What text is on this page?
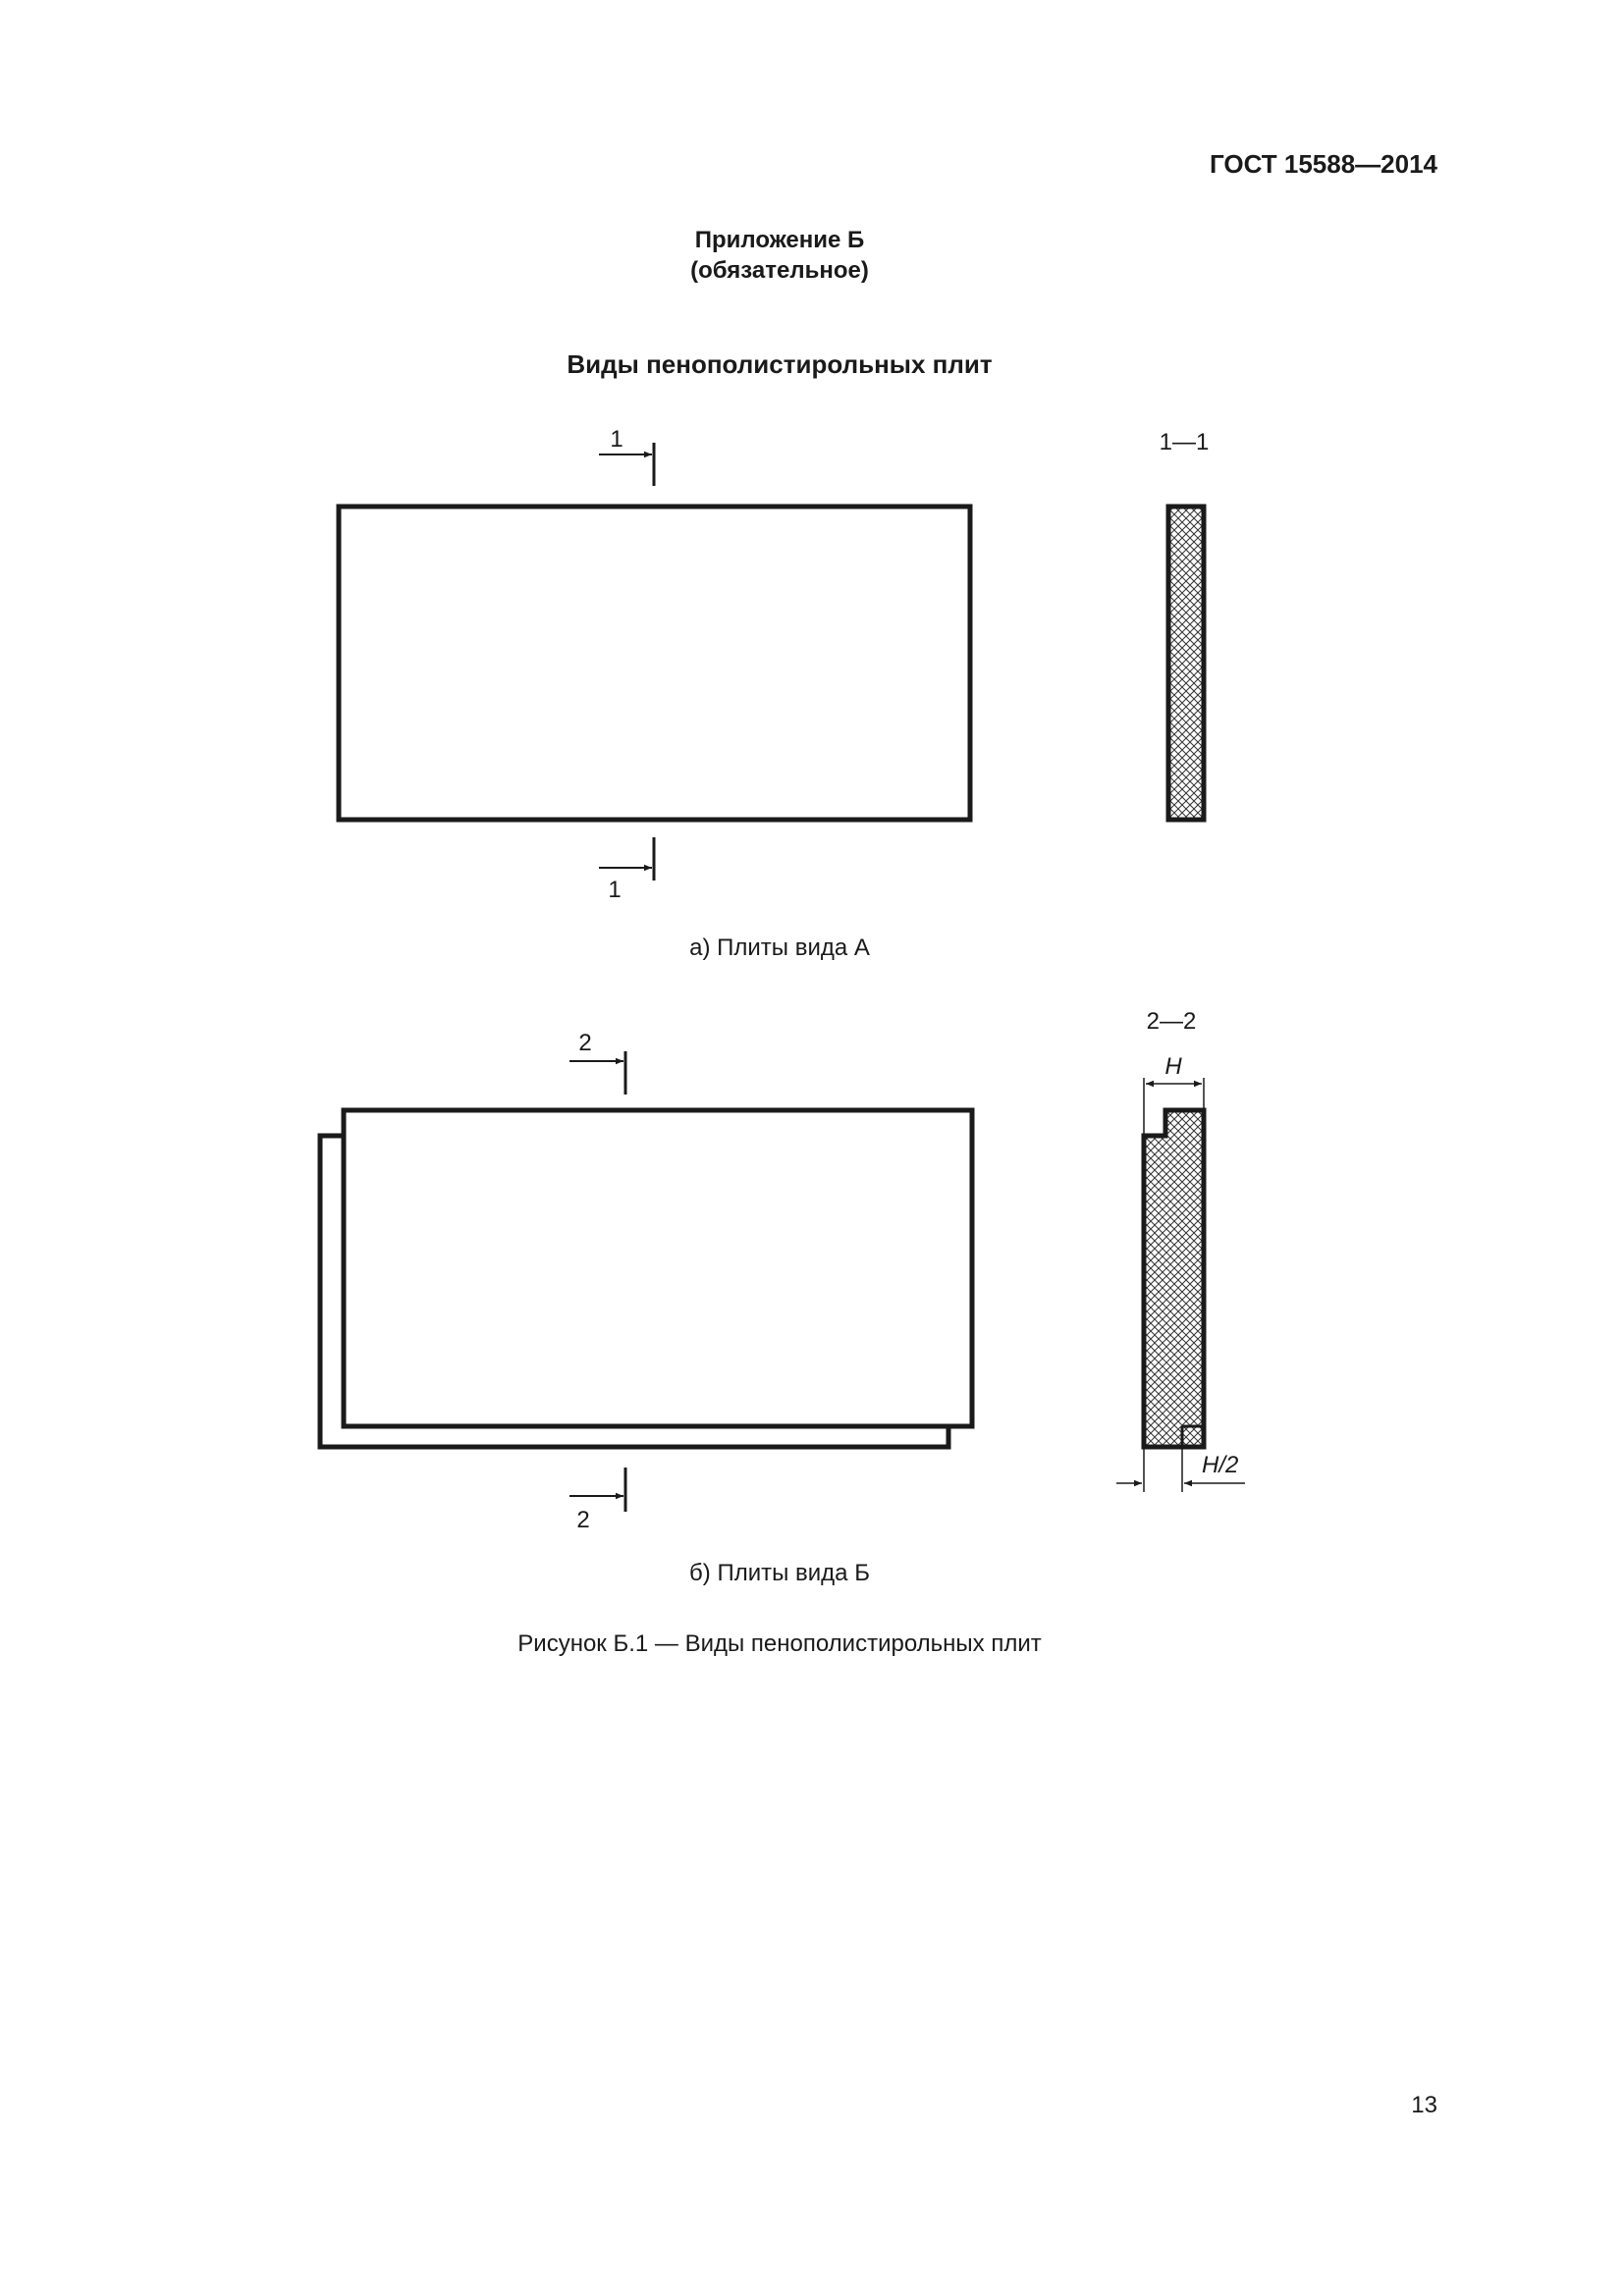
ГОСТ 15588—2014
Приложение Б
(обязательное)
Виды пенополистирольных плит
1
1
1—1
2
2
2—2
H
H/2
а) Плиты вида А
б) Плиты вида Б
Рисунок Б.1 — Виды пенополистирольных плит
13
